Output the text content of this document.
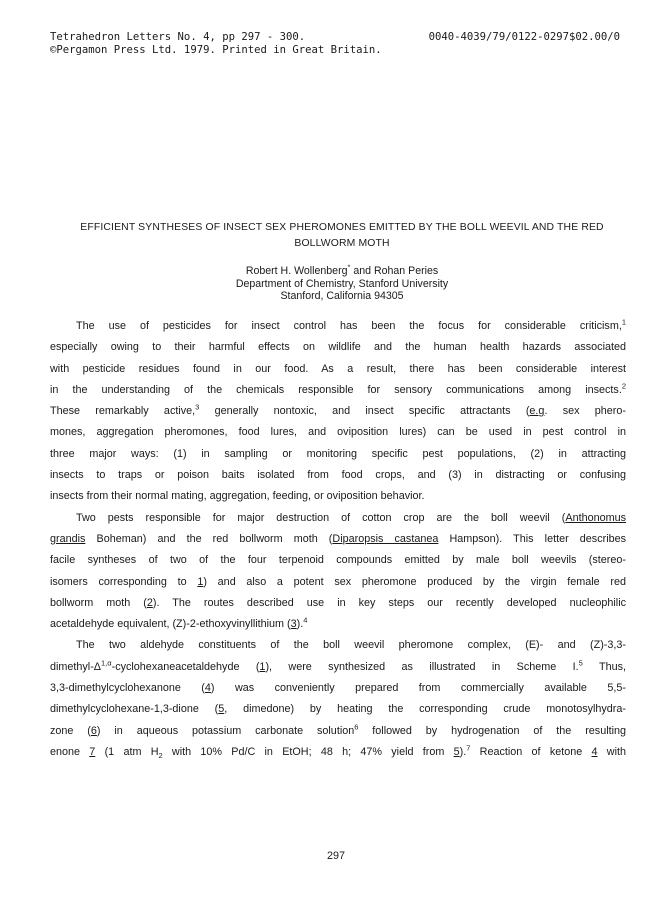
Tetrahedron Letters No. 4, pp 297 - 300.
©Pergamon Press Ltd. 1979. Printed in Great Britain.
0040-4039/79/0122-0297$02.00/0
EFFICIENT SYNTHESES OF INSECT SEX PHEROMONES EMITTED BY THE BOLL WEEVIL AND THE RED
BOLLWORM MOTH
Robert H. Wollenberg* and Rohan Peries
Department of Chemistry, Stanford University
Stanford, California 94305
The use of pesticides for insect control has been the focus for considerable criticism,$^1$
especially owing to their harmful effects on wildlife and the human health hazards associated
with pesticide residues found in our food. As a result, there has been considerable interest
in the understanding of the chemicals responsible for sensory communications among insects.$^2$
These remarkably active,$^3$ generally nontoxic, and insect specific attractants (e.g. sex phero-
mones, aggregation pheromones, food lures, and oviposition lures) can be used in pest control in
three major ways: (1) in sampling or monitoring specific pest populations, (2) in attracting
insects to traps or poison baits isolated from food crops, and (3) in distracting or confusing
insects from their normal mating, aggregation, feeding, or oviposition behavior.
Two pests responsible for major destruction of cotton crop are the boll weevil (Anthonomus
grandis Boheman) and the red bollworm moth (Diparopsis castanea Hampson). This letter describes
facile syntheses of two of the four terpenoid compounds emitted by male boll weevils (stereo-
isomers corresponding to 1) and also a potent sex pheromone produced by the virgin female red
bollworm moth (2). The routes described use in key steps our recently developed nucleophilic
acetaldehyde equivalent, (Z)-2-ethoxyvinyllithium (3).$^4$
The two aldehyde constituents of the boll weevil pheromone complex, (E)- and (Z)-3,3-
dimethyl-$\Delta^{1,\alpha}$-cyclohexaneacetaldehyde (1), were synthesized as illustrated in Scheme I.$^5$ Thus,
3,3-dimethylcyclohexanone (4) was conveniently prepared from commercially available 5,5-
dimethylcyclohexane-1,3-dione (5, dimedone) by heating the corresponding crude monotosylhydra-
zone (6) in aqueous potassium carbonate solution$^6$ followed by hydrogenation of the resulting
enone 7 (1 atm $H_2$ with 10% Pd/C in EtOH; 48 h; 47% yield from 5).$^7$ Reaction of ketone 4 with
297
